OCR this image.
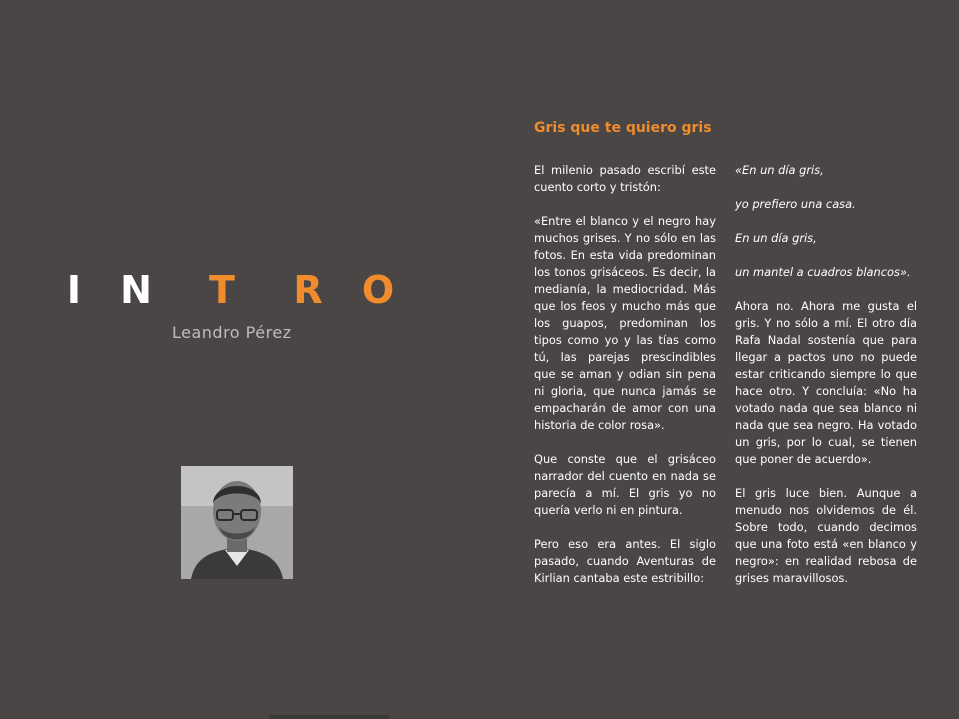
I	N	T	R	O
Leandro Pérez
Gris que te quiero gris

El milenio pasado escribí este cuento corto y tristón:

«Entre el blanco y el negro hay muchos grises. Y no sólo en las fotos. En esta vida predominan los tonos grisáceos. Es decir, la medianía, la mediocridad. Más que los feos y mucho más que los guapos, predominan los tipos como yo y las tías como tú, las parejas prescindibles que se aman y odian sin pena ni gloria, que nunca jamás se empacharán de amor con una historia de color rosa».

Que conste que el grisáceo narrador del cuento en nada se parecía a mí. El gris yo no quería verlo ni en pintura.

Pero eso era antes. El siglo pasado, cuando Aventuras de Kirlian cantaba este estribillo:

«En un día gris,

yo prefiero una casa.

En un día gris,

un mantel a cuadros blancos».

Ahora no. Ahora me gusta el gris. Y no sólo a mí. El otro día Rafa Nadal sostenía que para llegar a pactos uno no puede estar criticando siempre lo que hace otro. Y concluía: «No ha votado nada que sea blanco ni nada que sea negro. Ha votado un gris, por lo cual, se tienen que poner de acuerdo».

El gris luce bien. Aunque a menudo nos olvidemos de él. Sobre todo, cuando decimos que una foto está «en blanco y negro»: en realidad rebosa de grises maravillosos.
